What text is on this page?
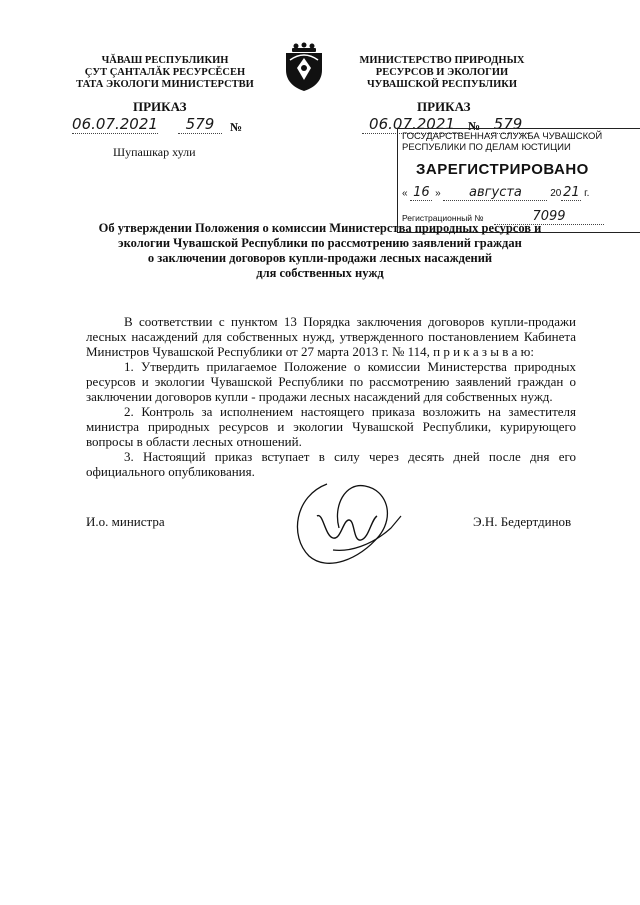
ЧĂВАШ РЕСПУБЛИКИН
ÇУТ ÇАНТАЛĂК РЕСУРСĔСЕН
ТАТА ЭКОЛОГИ МИНИСТЕРСТВИ
ПРИКАЗ
06.07.2021	579	№
Шупашкар хули
МИНИСТЕРСТВО ПРИРОДНЫХ
РЕСУРСОВ И ЭКОЛОГИИ
ЧУВАШСКОЙ РЕСПУБЛИКИ
ПРИКАЗ
06.07.2021	№ 579
ГОСУДАРСТВЕННАЯ СЛУЖБА ЧУВАШСКОЙ
РЕСПУБЛИКИ ПО ДЕЛАМ ЮСТИЦИИ
ЗАРЕГИСТРИРОВАНО
« 16 » августа	20 21 г.
Регистрационный №	7099
Об утверждении Положения о комиссии Министерства природных ресурсов и
экологии Чувашской Республики по рассмотрению заявлений граждан
о заключении договоров купли-продажи лесных насаждений
для собственных нужд

В соответствии с пунктом 13 Порядка заключения договоров купли-продажи лесных насаждений для собственных нужд, утвержденного постановлением Кабинета Министров Чувашской Республики от 27 марта 2013 г. № 114, п р и к а з ы в а ю:

1. Утвердить прилагаемое Положение о комиссии Министерства природных ресурсов и экологии Чувашской Республики по рассмотрению заявлений граждан о заключении договоров купли - продажи лесных насаждений для собственных нужд.

2. Контроль за исполнением настоящего приказа возложить на заместителя министра природных ресурсов и экологии Чувашской Республики, курирующего вопросы в области лесных отношений.

3. Настоящий приказ вступает в силу через десять дней после дня его официального опубликования.

И.о. министра	Э.Н. Бедертдинов
